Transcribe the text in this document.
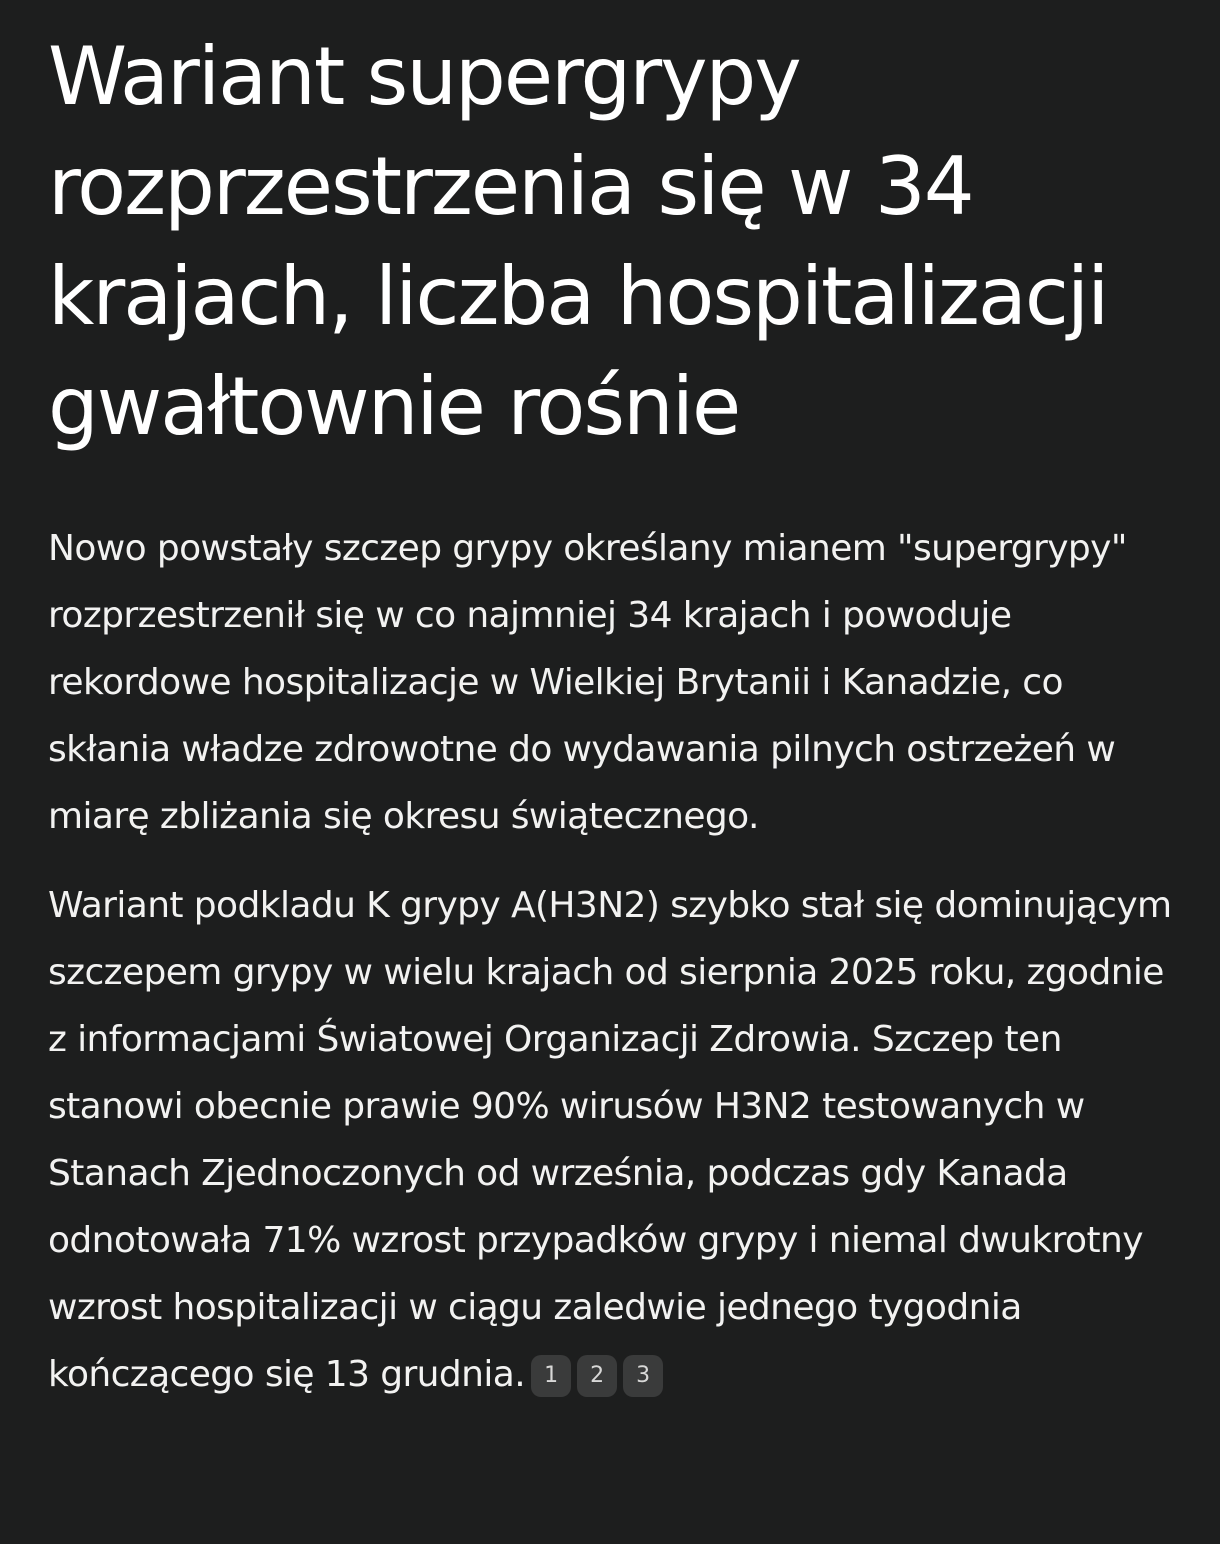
Wariant supergrypy rozprzestrzenia się w 34 krajach, liczba hospitalizacji gwałtownie rośnie

Nowo powstały szczep grypy określany mianem "supergrypy" rozprzestrzenił się w co najmniej 34 krajach i powoduje rekordowe hospitalizacje w Wielkiej Brytanii i Kanadzie, co skłania władze zdrowotne do wydawania pilnych ostrzeżeń w miarę zbliżania się okresu świątecznego.

Wariant podkladu K grypy A(H3N2) szybko stał się dominującym szczepem grypy w wielu krajach od sierpnia 2025 roku, zgodnie z informacjami Światowej Organizacji Zdrowia. Szczep ten stanowi obecnie prawie 90% wirusów H3N2 testowanych w Stanach Zjednoczonych od września, podczas gdy Kanada odnotowała 71% wzrost przypadków grypy i niemal dwukrotny wzrost hospitalizacji w ciągu zaledwie jednego tygodnia kończącego się 13 grudnia. 1 2 3
